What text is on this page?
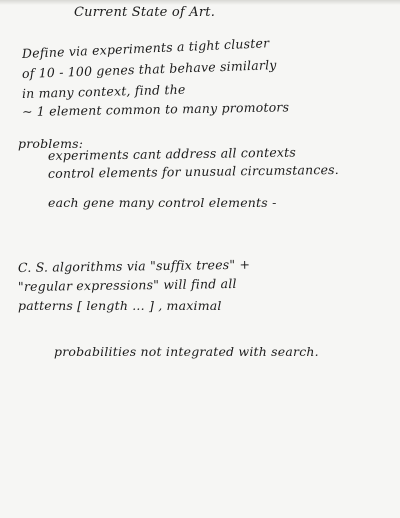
Current State of Art.
Define via experiments a tight cluster
of 10 - 100 genes that behave similarly
in many context, find the
~ 1 element common to many promotors
problems:
experiments cant address all contexts
control elements for unusual circumstances.
each gene many control elements -
C. S. algorithms via "suffix trees" +
"regular expressions" will find all
patterns [ length ... ] , maximal
probabilities not integrated with search.
